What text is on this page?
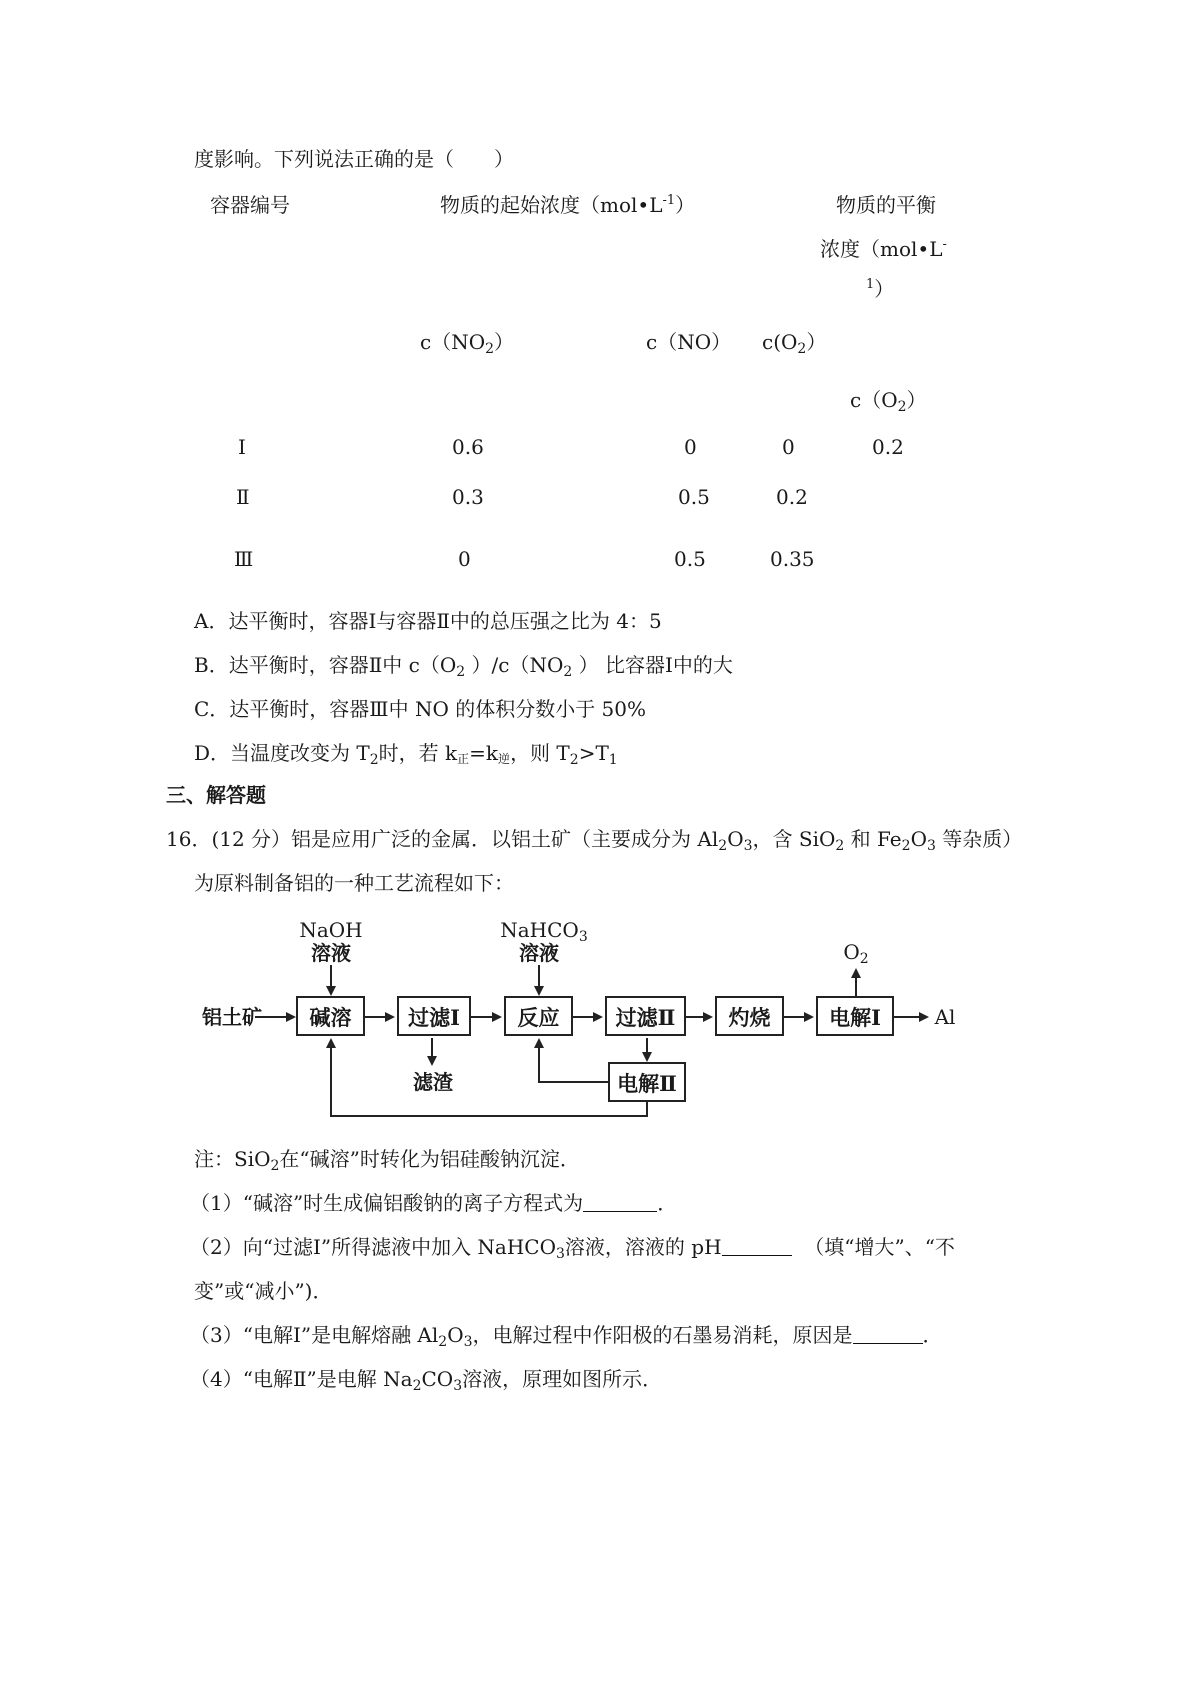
度影响。下列说法正确的是（　　）
容器编号	物质的起始浓度$(mol•L^{-1})$	物质的平衡
浓度（mol•L-
$^1$）
$c(NO_2)$	c（NO） $c(O_2)$
$c(O_2)$
Ⅰ	0.6	0	0	0.2
Ⅱ	0.3	0.5	0.2
Ⅲ	0	0.5	0.35
A．达平衡时，容器Ⅰ与容器Ⅱ中的总压强之比为 4：5
B．达平衡时，容器Ⅱ中 $c(O_2$ ）$/c(NO_2$ ） 比容器Ⅰ中的大
C．达平衡时，容器Ⅲ中 NO 的体积分数小于 50%
D．当温度改变为 $T_2$时，若 k正=k逆，则 $T_2>T_1$
三、解答题
16．(12 分）铝是应用广泛的金属．以铝土矿（主要成分为 $Al_2O_3$，含 SiO$_2$ 和 $Fe_2O_3$ 等杂质）
为原料制备铝的一种工艺流程如下：
铝土矿
NaOH
溶液
NaHCO$_3$
溶液	$O_2$
碱溶	过滤Ⅰ	反应	过滤Ⅱ	灼烧	电解Ⅰ
电解Ⅱ
滤渣
Al
注：SiO$_2$在“碱溶”时转化为铝硅酸钠沉淀．
（1）“碱溶”时生成偏铝酸钠的离子方程式为	．
（2）向“过滤Ⅰ”所得滤液中加入 NaHCO$_3$溶液，溶液的 pH	（填“增大”、“不
变”或“减小”)．
（3）“电解Ⅰ”是电解熔融 $Al_2O_3$，电解过程中作阳极的石墨易消耗，原因是	．
（4）“电解Ⅱ”是电解 $Na_2CO_3$溶液，原理如图所示．
